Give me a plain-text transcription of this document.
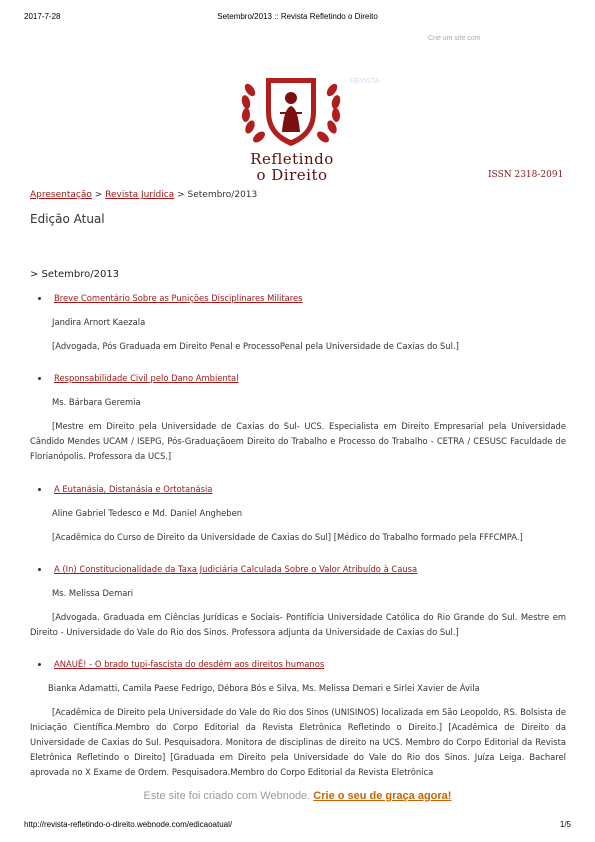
2017-7-28	Setembro/2013 :: Revista Refletindo o Direito
Crie um site com
Refletindo
o Direito
REVISTA
ISSN 2318-2091
Apresentação > Revista Jurídica > Setembro/2013
Edição Atual
> Setembro/2013
Breve Comentário Sobre as Punições Disciplinares Militares
Jandira Arnort Kaezala
[Advogada, Pós Graduada em Direito Penal e ProcessoPenal pela Universidade de Caxias do Sul.]
Responsabilidade Civil pelo Dano Ambiental
Ms. Bárbara Geremia
[Mestre em Direito pela Universidade de Caxias do Sul- UCS. Especialista em Direito Empresarial pela Universidade Cândido Mendes UCAM / ISEPG, Pós-Graduaçãoem Direito do Trabalho e Processo do Trabalho - CETRA / CESUSC Faculdade de Florianópolis. Professora da UCS.]
A Eutanásia, Distanásia e Ortotanásia
Aline Gabriel Tedesco e Md. Daniel Angheben
[Acadêmica do Curso de Direito da Universidade de Caxias do Sul] [Médico do Trabalho formado pela FFFCMPA.]
A (In) Constitucionalidade da Taxa Judiciária Calculada Sobre o Valor Atribuído à Causa
Ms. Melissa Demari
[Advogada. Graduada em Ciências Jurídicas e Sociais- Pontifícia Universidade Católica do Rio Grande do Sul. Mestre em Direito - Universidade do Vale do Rio dos Sinos. Professora adjunta da Universidade de Caxias do Sul.]
ANAUÊ! - O brado tupi-fascista do desdém aos direitos humanos
Bianka Adamatti, Camila Paese Fedrigo, Débora Bós e Silva, Ms. Melissa Demari e Sirlei Xavier de Ávila
[Acadêmica de Direito pela Universidade do Vale do Rio dos Sinos (UNISINOS) localizada em São Leopoldo, RS. Bolsista de Iniciação Científica.Membro do Corpo Editorial da Revista Eletrônica Refletindo o Direito.] [Acadêmica de Direito da Universidade de Caxias do Sul. Pesquisadora. Monitora de disciplinas de direito na UCS. Membro do Corpo Editorial da Revista Eletrônica Refletindo o Direito] [Graduada em Direito pela Universidade do Vale do Rio dos Sinos. Juíza Leiga. Bacharel aprovada no X Exame de Ordem. Pesquisadora.Membro do Corpo Editorial da Revista Eletrônica
Este site foi criado com Webnode. Crie o seu de graça agora!
http://revista-refletindo-o-direito.webnode.com/edicaoatual/	1/5
